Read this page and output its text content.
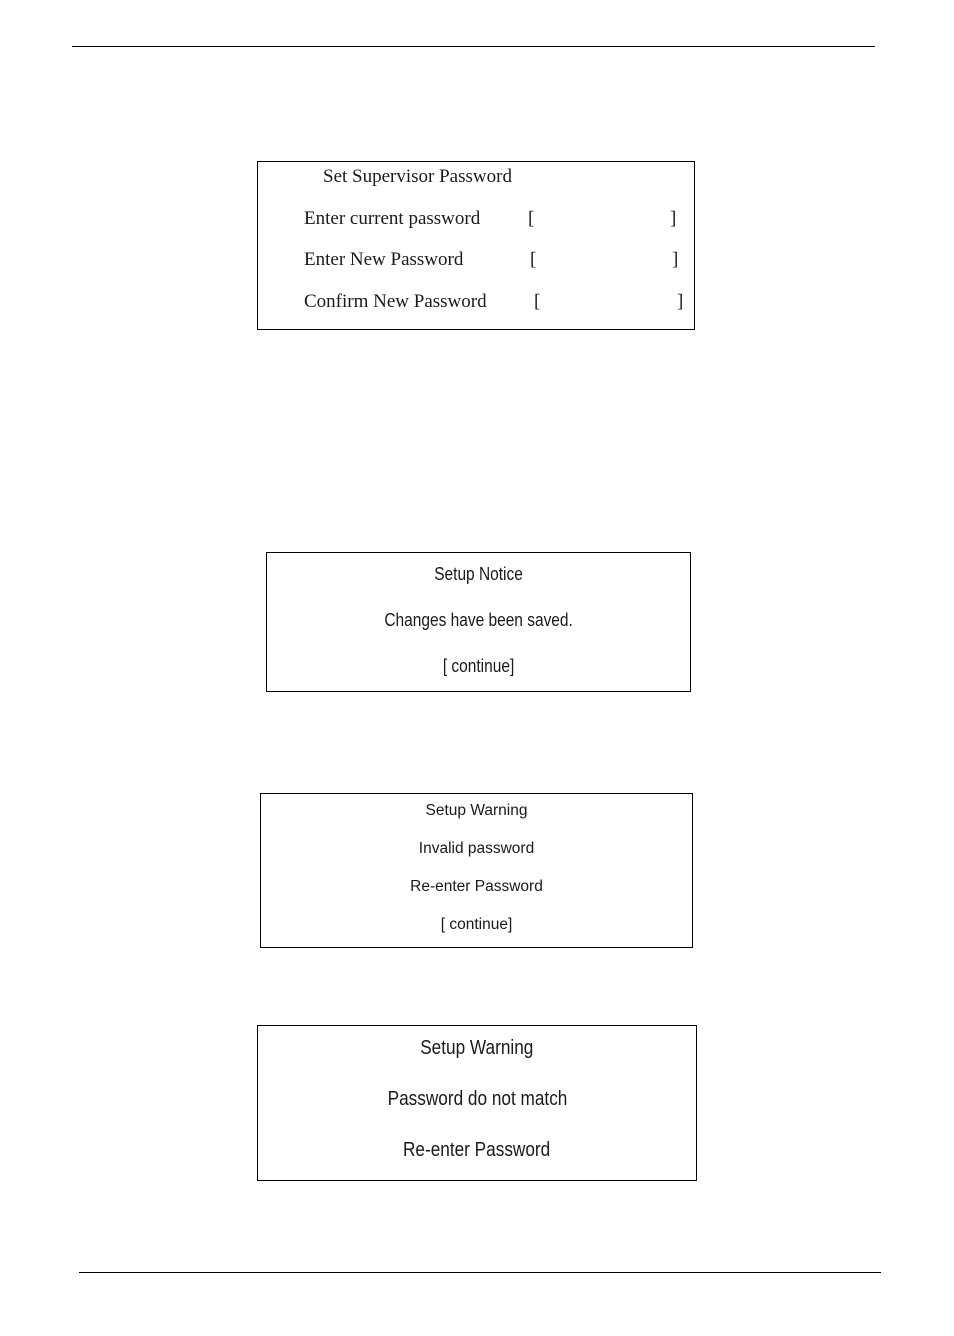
Set Supervisor Password
Enter current password	[	]
Enter New Password	[	]
Confirm New Password [	]
Setup Notice
Changes have been saved.
[ continue]
Setup Warning
Invalid password
Re-enter Password
[ continue]
Setup Warning
Password do not match
Re-enter Password
